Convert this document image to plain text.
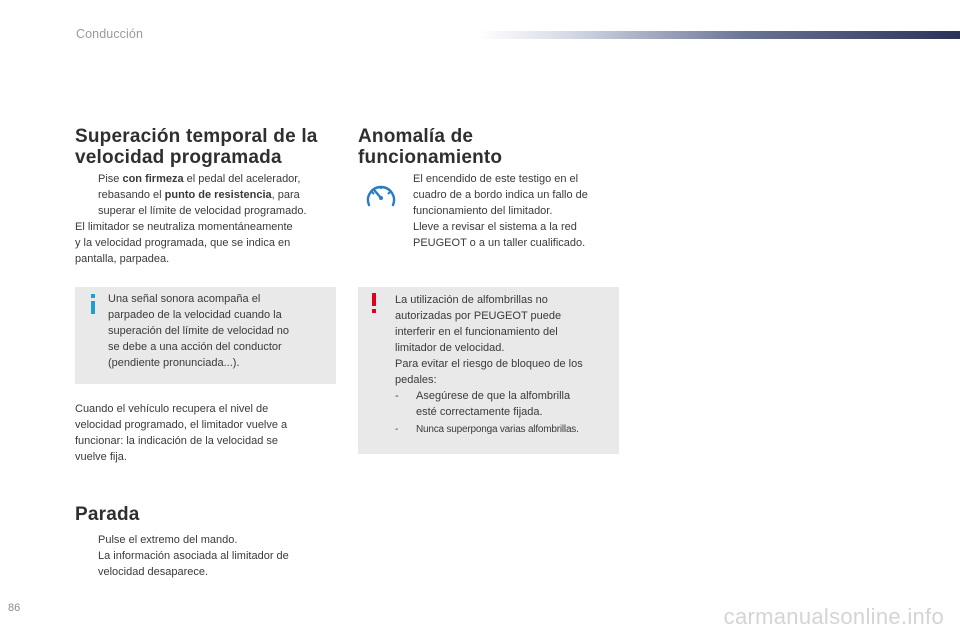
Conducción
Superación temporal de la
velocidad programada

Pise con firmeza el pedal del acelerador,
rebasando el punto de resistencia, para
superar el límite de velocidad programado.

El limitador se neutraliza momentáneamente
y la velocidad programada, que se indica en
pantalla, parpadea.

Una señal sonora acompaña el
parpadeo de la velocidad cuando la
superación del límite de velocidad no
se debe a una acción del conductor
(pendiente pronunciada...).

Cuando el vehículo recupera el nivel de
velocidad programado, el limitador vuelve a
funcionar: la indicación de la velocidad se
vuelve fija.

Parada

Pulse el extremo del mando.
La información asociada al limitador de
velocidad desaparece.

Anomalía de
funcionamiento

El encendido de este testigo en el
cuadro de a bordo indica un fallo de
funcionamiento del limitador.
Lleve a revisar el sistema a la red
PEUGEOT o a un taller cualificado.

La utilización de alfombrillas no
autorizadas por PEUGEOT puede
interferir en el funcionamiento del
limitador de velocidad.
Para evitar el riesgo de bloqueo de los
pedales:

- Asegúrese de que la alfombrilla
esté correctamente fijada.

- Nunca superponga varias alfombrillas.

86	carmanualsonline.info
